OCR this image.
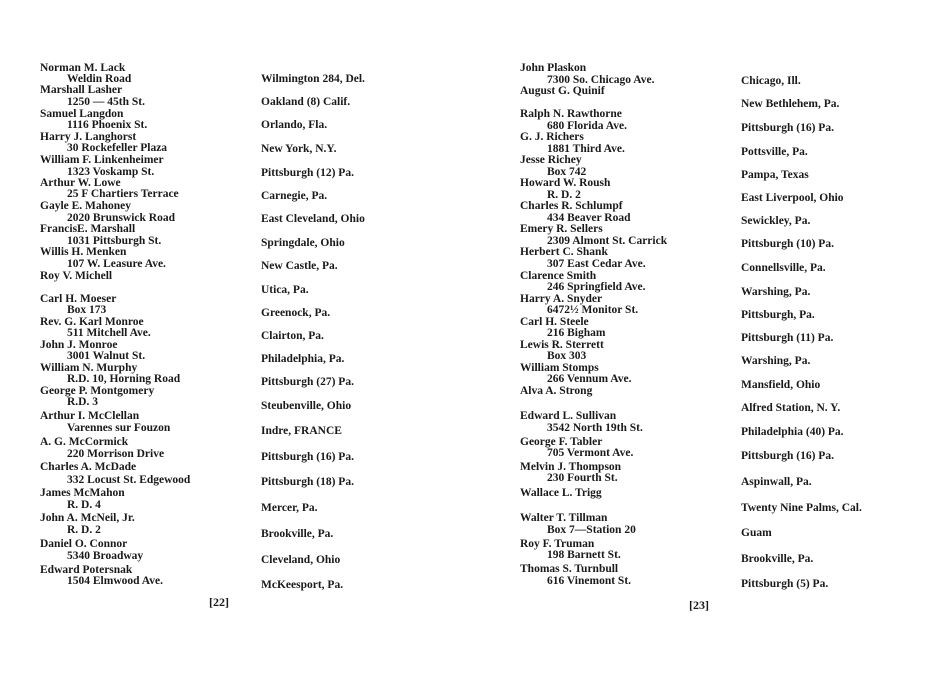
Norman M. Lack
Weldin Road	Wilmington 284, Del.
Marshall Lasher
1250 — 45th St.	Oakland (8) Calif.
Samuel Langdon
1116 Phoenix St.	Orlando, Fla.
Harry J. Langhorst
30 Rockefeller Plaza	New York, N.Y.
William F. Linkenheimer
1323 Voskamp St.	Pittsburgh (12) Pa.
Arthur W. Lowe
25 F Chartiers Terrace	Carnegie, Pa.
Gayle E. Mahoney
2020 Brunswick Road	East Cleveland, Ohio
FrancisE. Marshall
1031 Pittsburgh St.	Springdale, Ohio
Willis H. Menken
107 W. Leasure Ave.	New Castle, Pa.
Roy V. Michell
Utica, Pa.
Carl H. Moeser
Box 173	Greenock, Pa.
Rev. G. Karl Monroe
511 Mitchell Ave.	Clairton, Pa.
John J. Monroe
3001 Walnut St.	Philadelphia, Pa.
William N. Murphy
R.D. 10, Horning Road	Pittsburgh (27) Pa.
George P. Montgomery
R.D. 3	Steubenville, Ohio
Arthur I. McClellan
Varennes sur Fouzon	Indre, FRANCE
A. G. McCormick
220 Morrison Drive	Pittsburgh (16) Pa.
Charles A. McDade
332 Locust St. Edgewood	Pittsburgh (18) Pa.
James McMahon
R. D. 4	Mercer, Pa.
John A. McNeil, Jr.
R. D. 2	Brookville, Pa.
Daniel O. Connor
5340 Broadway	Cleveland, Ohio
Edward Potersnak
1504 Elmwood Ave.	McKeesport, Pa.
John Plaskon
7300 So. Chicago Ave.	Chicago, Ill.
August G. Quinif
New Bethlehem, Pa.
Ralph N. Rawthorne
680 Florida Ave.	Pittsburgh (16) Pa.
G. J. Richers
1881 Third Ave.	Pottsville, Pa.
Jesse Richey
Box 742	Pampa, Texas
Howard W. Roush
R. D. 2	East Liverpool, Ohio
Charles R. Schlumpf
434 Beaver Road	Sewickley, Pa.
Emery R. Sellers
2309 Almont St. Carrick	Pittsburgh (10) Pa.
Herbert C. Shank
307 East Cedar Ave.	Connellsville, Pa.
Clarence Smith
246 Springfield Ave.	Warshing, Pa.
Harry A. Snyder
6472½ Monitor St.	Pittsburgh, Pa.
Carl H. Steele
216 Bigham	Pittsburgh (11) Pa.
Lewis R. Sterrett
Box 303	Warshing, Pa.
William Stomps
266 Vennum Ave.	Mansfield, Ohio
Alva A. Strong
Alfred Station, N. Y.
Edward L. Sullivan
3542 North 19th St.	Philadelphia (40) Pa.
George F. Tabler
705 Vermont Ave.	Pittsburgh (16) Pa.
Melvin J. Thompson
230 Fourth St.	Aspinwall, Pa.
Wallace L. Trigg
Twenty Nine Palms, Cal.
Walter T. Tillman
Box 7—Station 20	Guam
Roy F. Truman
198 Barnett St.	Brookville, Pa.
Thomas S. Turnbull
616 Vinemont St.	Pittsburgh (5) Pa.
[22]	[23]
